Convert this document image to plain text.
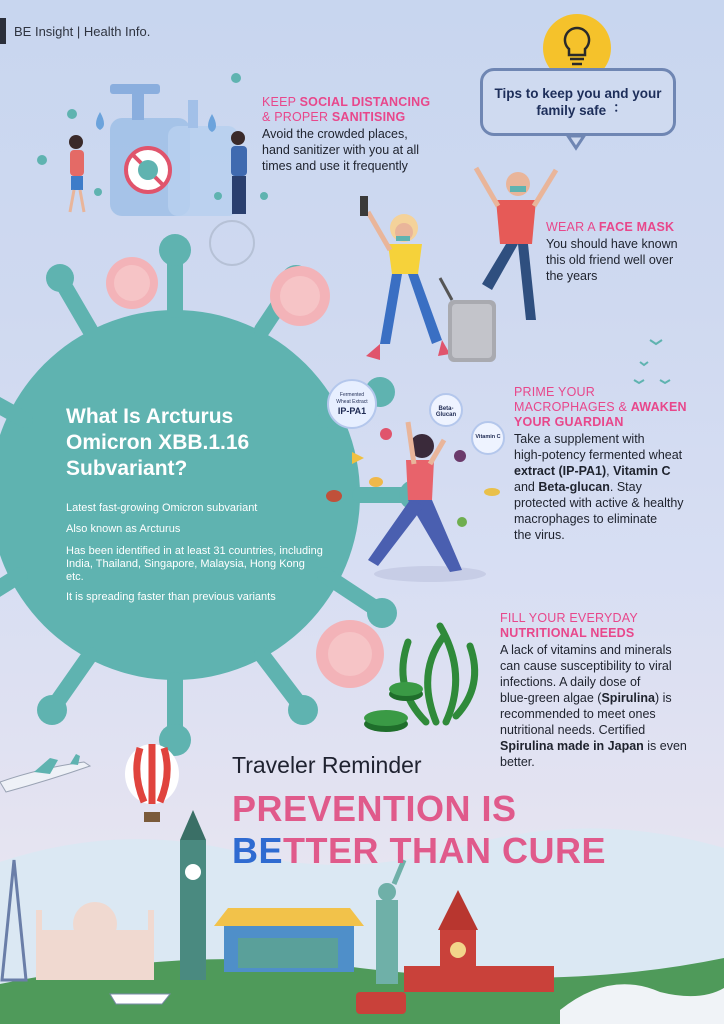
BE Insight | Health Info.
Tips to keep you and your family safe︓
KEEP SOCIAL DISTANCING
& PROPER SANITISING
Avoid the crowded places,
hand sanitizer with you at all
times and use it frequently
WEAR A FACE MASK
You should have known
this old friend well over
the years
Fermented Wheat Extract
IP-PA1	Beta-Glucan
Vitamin C
PRIME YOUR
MACROPHAGES & AWAKEN
YOUR GUARDIAN
Take a supplement with
high-potency fermented wheat
extract (IP-PA1), Vitamin C
and Beta-glucan. Stay
protected with active & healthy
macrophages to eliminate
the virus.
FILL YOUR EVERYDAY
NUTRITIONAL NEEDS
A lack of vitamins and minerals
can cause susceptibility to viral
infections. A daily dose of
blue-green algae (Spirulina) is
recommended to meet ones
nutritional needs. Certified
Spirulina made in Japan is even
better.
What Is Arcturus Omicron XBB.1.16 Subvariant?
Latest fast-growing Omicron subvariant
Also known as Arcturus
Has been identified in at least 31 countries, including India, Thailand, Singapore, Malaysia, Hong Kong etc.
It is spreading faster than previous variants
Traveler Reminder
PREVENTION IS
BETTER THAN CURE
